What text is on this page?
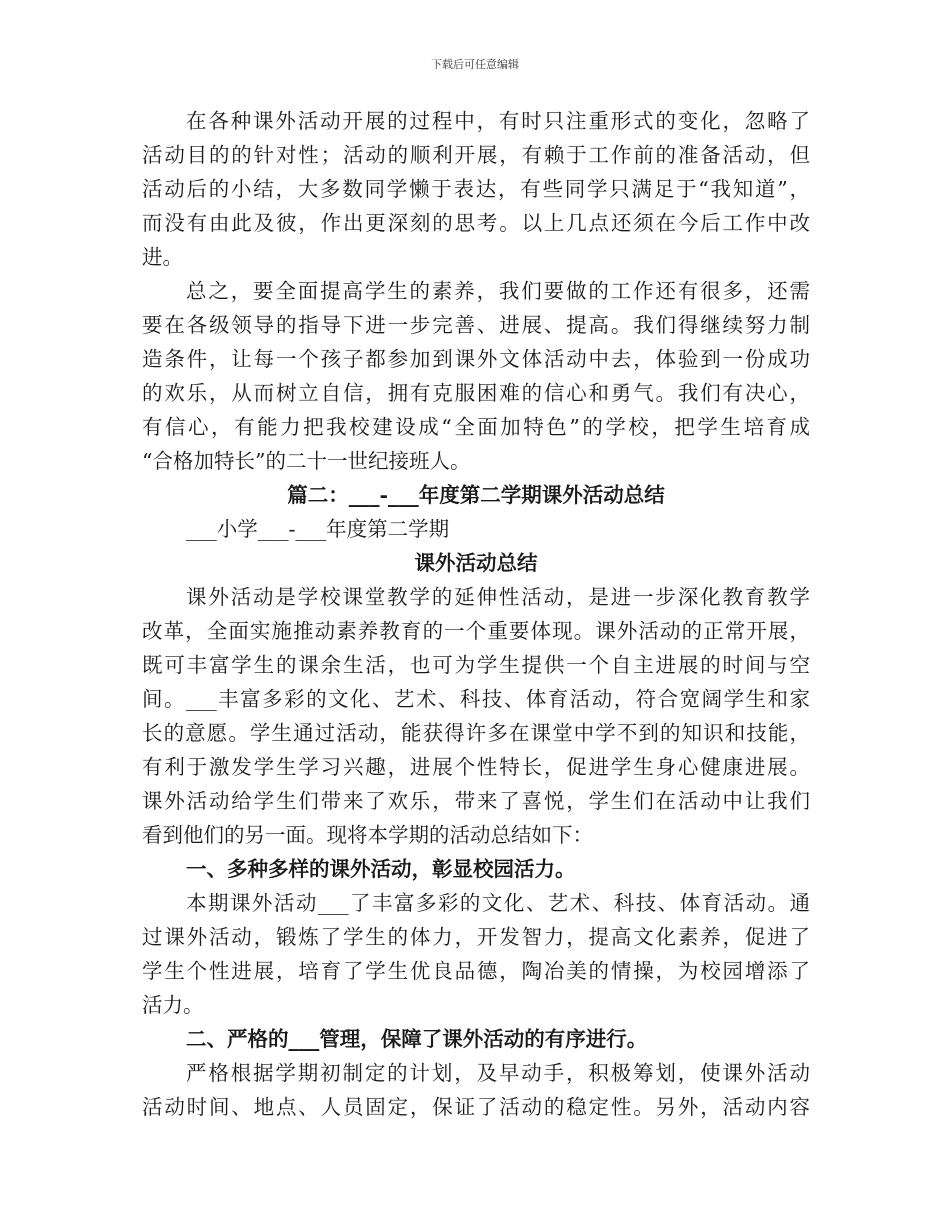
下载后可任意编辑
在各种课外活动开展的过程中，有时只注重形式的变化，忽略了
活动目的的针对性；活动的顺利开展，有赖于工作前的准备活动，但
活动后的小结，大多数同学懒于表达，有些同学只满足于“我知道”，
而没有由此及彼，作出更深刻的思考。以上几点还须在今后工作中改
进。
总之，要全面提高学生的素养，我们要做的工作还有很多，还需
要在各级领导的指导下进一步完善、进展、提高。我们得继续努力制
造条件，让每一个孩子都参加到课外文体活动中去，体验到一份成功
的欢乐，从而树立自信，拥有克服困难的信心和勇气。我们有决心，
有信心，有能力把我校建设成“全面加特色”的学校，把学生培育成
“合格加特长”的二十一世纪接班人。
篇二：___-___年度第二学期课外活动总结
___小学___-___年度第二学期
课外活动总结
课外活动是学校课堂教学的延伸性活动，是进一步深化教育教学
改革，全面实施推动素养教育的一个重要体现。课外活动的正常开展，
既可丰富学生的课余生活，也可为学生提供一个自主进展的时间与空
间。___丰富多彩的文化、艺术、科技、体育活动，符合宽阔学生和家
长的意愿。学生通过活动，能获得许多在课堂中学不到的知识和技能，
有利于激发学生学习兴趣，进展个性特长，促进学生身心健康进展。
课外活动给学生们带来了欢乐，带来了喜悦，学生们在活动中让我们
看到他们的另一面。现将本学期的活动总结如下：
一、多种多样的课外活动，彰显校园活力。
本期课外活动___了丰富多彩的文化、艺术、科技、体育活动。通
过课外活动，锻炼了学生的体力，开发智力，提高文化素养，促进了
学生个性进展，培育了学生优良品德，陶冶美的情操，为校园增添了
活力。
二、严格的___管理，保障了课外活动的有序进行。
严格根据学期初制定的计划，及早动手，积极筹划，使课外活动
活动时间、地点、人员固定，保证了活动的稳定性。另外，活动内容
